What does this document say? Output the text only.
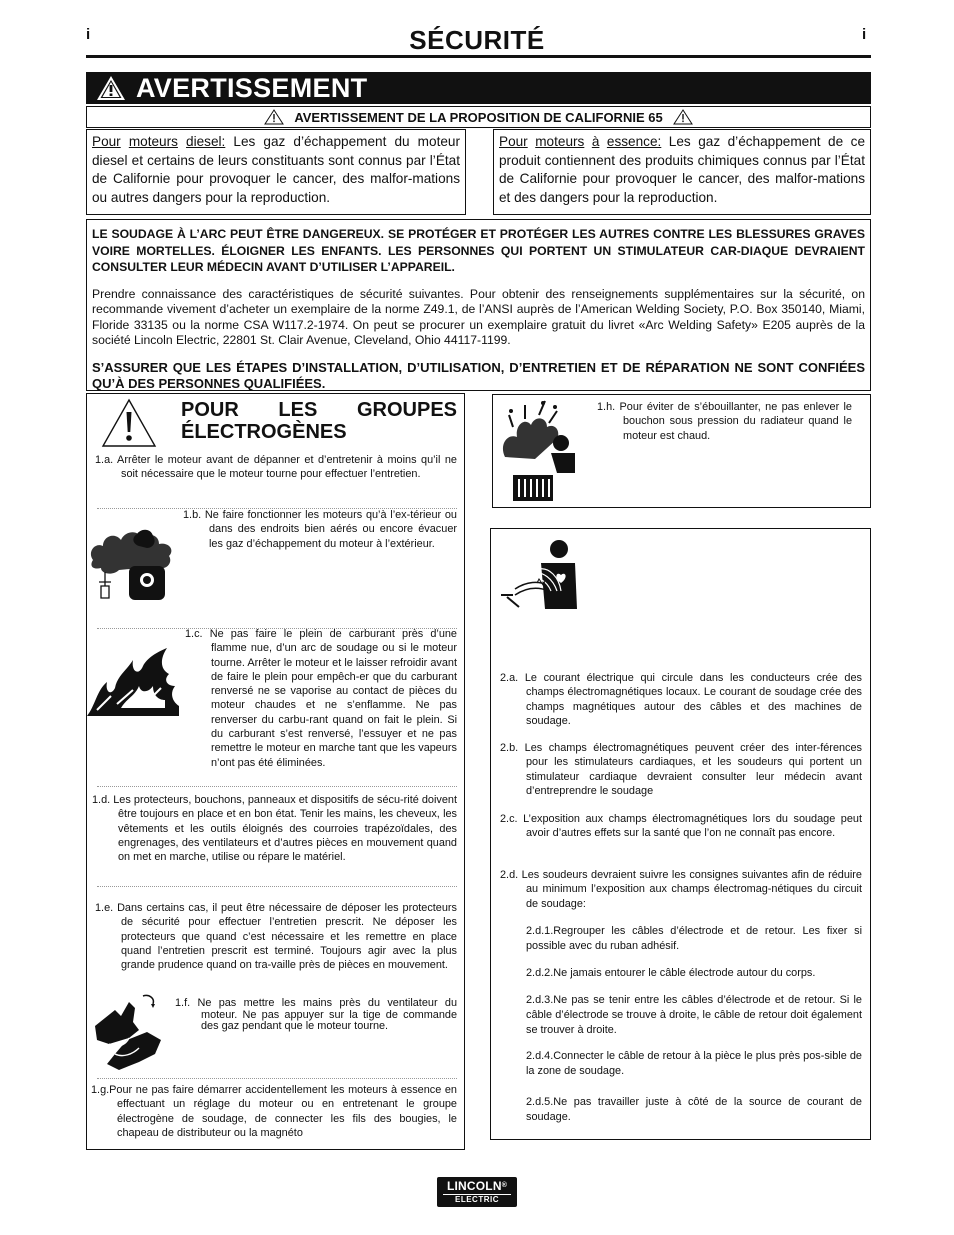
i	i
SÉCURITÉ
AVERTISSEMENT
AVERTISSEMENT DE LA PROPOSITION DE CALIFORNIE 65
Pour moteurs diesel: Les gaz d’échappement du moteur diesel et certains de leurs constituants sont connus par l’État de Californie pour provoquer le cancer, des malfor-mations ou autres dangers pour la reproduction.
Pour moteurs à essence: Les gaz d’échappement de ce produit contiennent des produits chimiques connus par l’État de Californie pour provoquer le cancer, des malfor-mations et des dangers pour la reproduction.
LE SOUDAGE À L’ARC PEUT ÊTRE DANGEREUX. SE PROTÉGER ET PROTÉGER LES AUTRES CONTRE LES BLESSURES GRAVES VOIRE MORTELLES. ÉLOIGNER LES ENFANTS. LES PERSONNES QUI PORTENT UN STIMULATEUR CAR-DIAQUE DEVRAIENT CONSULTER LEUR MÉDECIN AVANT D’UTILISER L’APPAREIL.
Prendre connaissance des caractéristiques de sécurité suivantes. Pour obtenir des renseignements supplémentaires sur la sécurité, on recommande vivement d’acheter un exemplaire de la norme Z49.1, de l’ANSI auprès de l’American Welding Society, P.O. Box 350140, Miami, Floride 33135 ou la norme CSA W117.2-1974. On peut se procurer un exemplaire gratuit du livret «Arc Welding Safety» E205 auprès de la société Lincoln Electric, 22801 St. Clair Avenue, Cleveland, Ohio 44117-1199.
S’ASSURER QUE LES ÉTAPES D’INSTALLATION, D’UTILISATION, D’ENTRETIEN ET DE RÉPARATION NE SONT CONFIÉES QU’À DES PERSONNES QUALIFIÉES.
POUR LES GROUPES ÉLECTROGÈNES
1.a. Arrêter le moteur avant de dépanner et d’entretenir à moins qu’il ne soit nécessaire que le moteur tourne pour effectuer l’entretien.
1.b. Ne faire fonctionner les moteurs qu’à l’ex-térieur ou dans des endroits bien aérés ou encore évacuer les gaz d’échappement du moteur à l’extérieur.
1.c. Ne pas faire le plein de carburant près d’une flamme nue, d’un arc de soudage ou si le moteur tourne. Arrêter le moteur et le laisser refroidir avant de faire le plein pour empêch-er que du carburant renversé ne se vaporise au contact de pièces du moteur chaudes et ne s’enflamme. Ne pas renverser du carbu-rant quand on fait le plein. Si du carburant s’est renversé, l’essuyer et ne pas remettre le moteur en marche tant que les vapeurs n’ont pas été éliminées.
1.d. Les protecteurs, bouchons, panneaux et dispositifs de sécu-rité doivent être toujours en place et en bon état. Tenir les mains, les cheveux, les vêtements et les outils éloignés des courroies trapézoïdales, des engrenages, des ventilateurs et d’autres pièces en mouvement quand on met en marche, utilise ou répare le matériel.
1.e. Dans certains cas, il peut être nécessaire de déposer les protecteurs de sécurité pour effectuer l’entretien prescrit. Ne déposer les protecteurs que quand c’est nécessaire et les remettre en place quand l’entretien prescrit est terminé. Toujours agir avec la plus grande prudence quand on tra-vaille près de pièces en mouvement.
1.f. Ne pas mettre les mains près du ventilateur du moteur. Ne pas appuyer sur la tige de commande des gaz pendant que le moteur tourne.
1.g.Pour ne pas faire démarrer accidentellement les moteurs à essence en effectuant un réglage du moteur ou en entretenant le groupe électrogène de soudage, de connecter les fils des bougies, le chapeau de distributeur ou la magnéto
1.h. Pour éviter de s’ébouillanter, ne pas enlever le bouchon sous pression du radiateur quand le moteur est chaud.
2.a. Le courant électrique qui circule dans les conducteurs crée des champs électromagnétiques locaux. Le courant de soudage crée des champs magnétiques autour des câbles et des machines de soudage.
2.b. Les champs électromagnétiques peuvent créer des inter-férences pour les stimulateurs cardiaques, et les soudeurs qui portent un stimulateur cardiaque devraient consulter leur médecin avant d’entreprendre le soudage
2.c. L’exposition aux champs électromagnétiques lors du soudage peut avoir d’autres effets sur la santé que l’on ne connaît pas encore.
2.d. Les soudeurs devraient suivre les consignes suivantes afin de réduire au minimum l’exposition aux champs électromag-nétiques du circuit de soudage:
2.d.1.Regrouper les câbles d’électrode et de retour. Les fixer si possible avec du ruban adhésif.
2.d.2.Ne jamais entourer le câble électrode autour du corps.
2.d.3.Ne pas se tenir entre les câbles d’électrode et de retour. Si le câble d’électrode se trouve à droite, le câble de retour doit également se trouver à droite.
2.d.4.Connecter le câble de retour à la pièce le plus près pos-sible de la zone de soudage.
2.d.5.Ne pas travailler juste à côté de la source de courant de soudage.
LINCOLN®
ELECTRIC
